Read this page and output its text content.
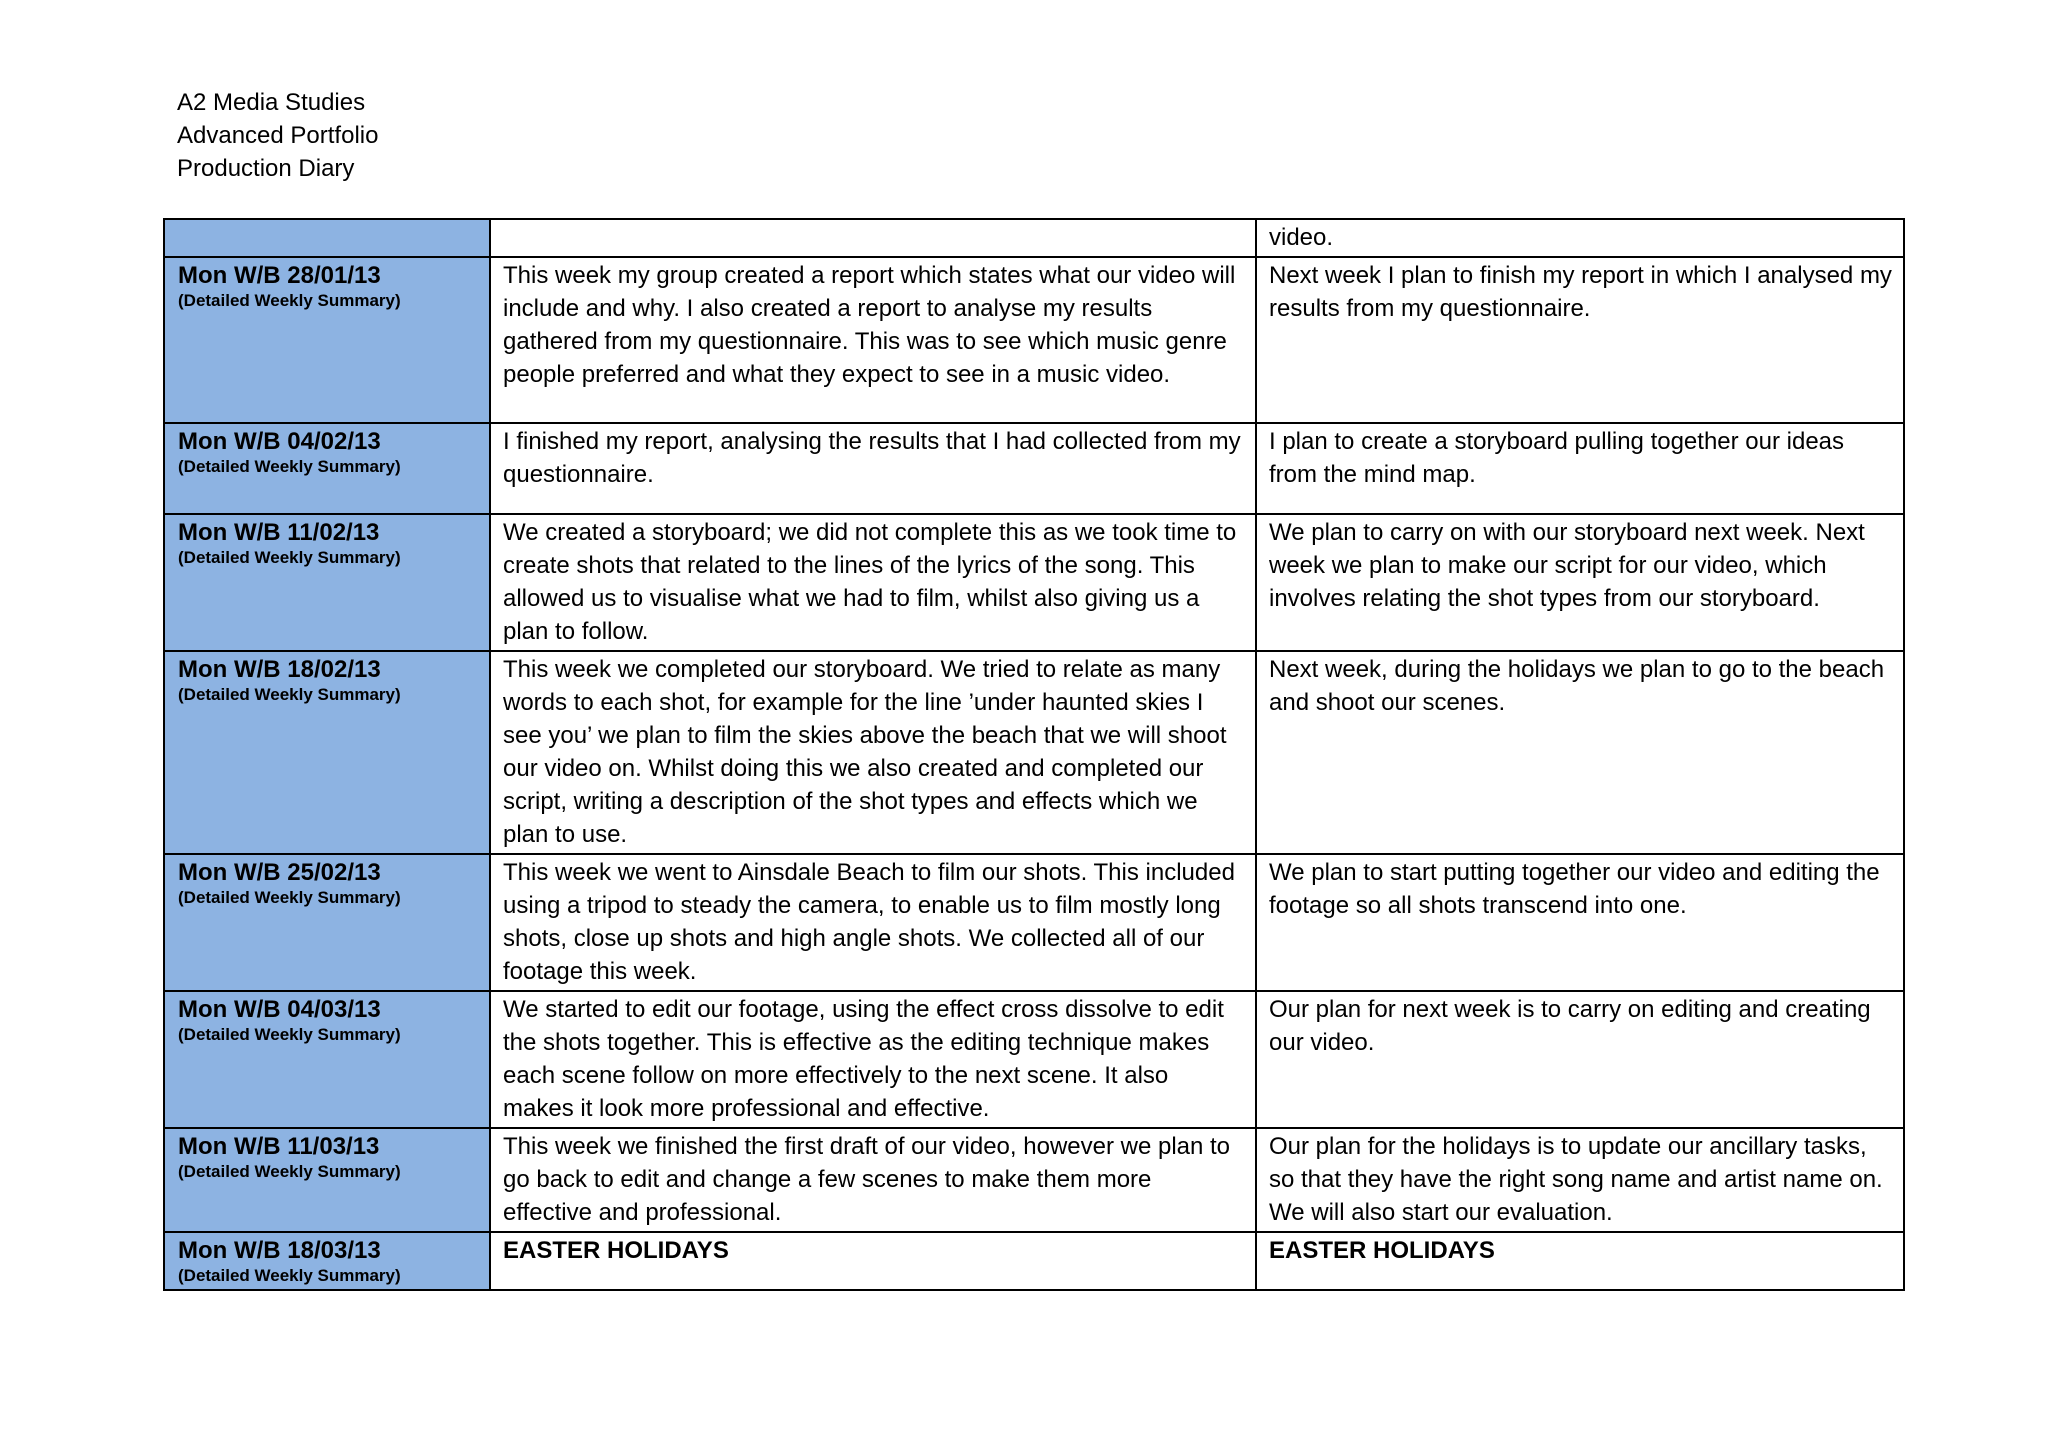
A2 Media Studies
Advanced Portfolio
Production Diary
		video.

Mon W/B 28/01/13
(Detailed Weekly Summary)	This week my group created a report which states what our video will include and why. I also created a report to analyse my results gathered from my questionnaire. This was to see which music genre people preferred and what they expect to see in a music video.	Next week I plan to finish my report in which I analysed my results from my questionnaire.

Mon W/B 04/02/13
(Detailed Weekly Summary)	I finished my report, analysing the results that I had collected from my questionnaire.	I plan to create a storyboard pulling together our ideas from the mind map.

Mon W/B 11/02/13
(Detailed Weekly Summary)	We created a storyboard; we did not complete this as we took time to create shots that related to the lines of the lyrics of the song. This allowed us to visualise what we had to film, whilst also giving us a plan to follow.	We plan to carry on with our storyboard next week. Next week we plan to make our script for our video, which involves relating the shot types from our storyboard.

Mon W/B 18/02/13
(Detailed Weekly Summary)	This week we completed our storyboard. We tried to relate as many words to each shot, for example for the line ’under haunted skies I see you’ we plan to film the skies above the beach that we will shoot our video on. Whilst doing this we also created and completed our script, writing a description of the shot types and effects which we plan to use.	Next week, during the holidays we plan to go to the beach and shoot our scenes.

Mon W/B 25/02/13
(Detailed Weekly Summary)	This week we went to Ainsdale Beach to film our shots. This included using a tripod to steady the camera, to enable us to film mostly long shots, close up shots and high angle shots. We collected all of our footage this week.	We plan to start putting together our video and editing the footage so all shots transcend into one.

Mon W/B 04/03/13
(Detailed Weekly Summary)	We started to edit our footage, using the effect cross dissolve to edit the shots together. This is effective as the editing technique makes each scene follow on more effectively to the next scene. It also makes it look more professional and effective.	Our plan for next week is to carry on editing and creating our video.

Mon W/B 11/03/13
(Detailed Weekly Summary)	This week we finished the first draft of our video, however we plan to go back to edit and change a few scenes to make them more effective and professional.	Our plan for the holidays is to update our ancillary tasks, so that they have the right song name and artist name on. We will also start our evaluation.

Mon W/B 18/03/13
(Detailed Weekly Summary)	EASTER HOLIDAYS	EASTER HOLIDAYS
